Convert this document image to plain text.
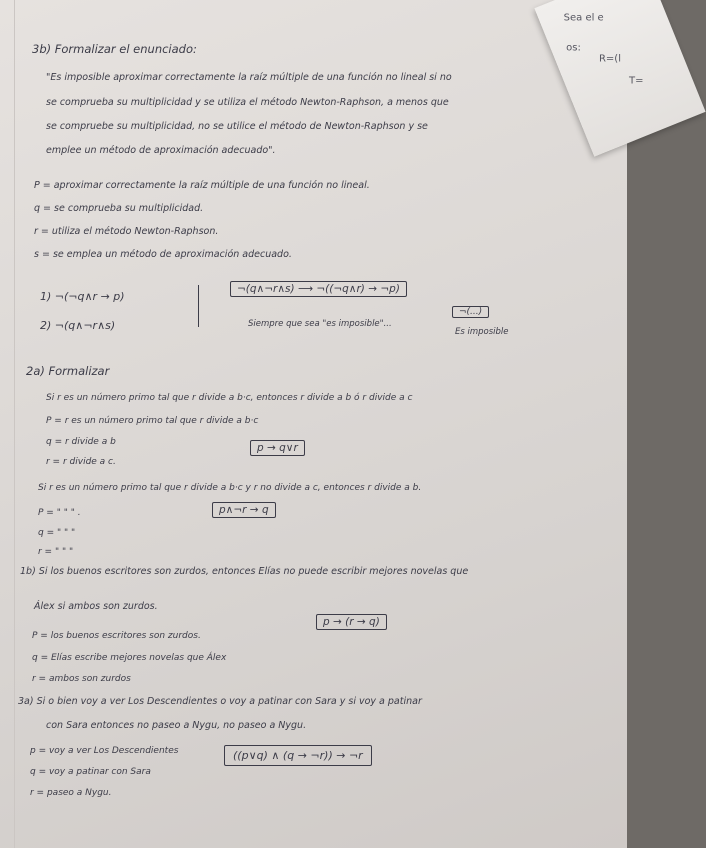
Sea el e
os:
R=(l
T=
3b) Formalizar el enunciado:
"Es imposible aproximar correctamente la raíz múltiple de una función no lineal si no
se comprueba su multiplicidad y se utiliza el método Newton-Raphson, a menos que
se compruebe su multiplicidad, no se utilice el método de Newton-Raphson y se
emplee un método de aproximación adecuado".
P = aproximar correctamente la raíz múltiple de una función no lineal.
q = se comprueba su multiplicidad.
r = utiliza el método Newton-Raphson.
s = se emplea un método de aproximación adecuado.
1) ¬(¬q∧r → p)
2) ¬(q∧¬r∧s)
¬(q∧¬r∧s) ⟶ ¬((¬q∧r) → ¬p)
Siempre que sea "es imposible"...
¬(...)
Es imposible
2a) Formalizar
Si r es un número primo tal que r divide a b·c, entonces r divide a b ó r divide a c
P = r es un número primo tal que r divide a b·c
q = r divide a b
r = r divide a c.
p → q∨r
Si r es un número primo tal que r divide a b·c y r no divide a c, entonces r divide a b.
P = " " " .
q = " " "
r = " " "
p∧¬r → q
1b) Si los buenos escritores son zurdos, entonces Elías no puede escribir mejores novelas que
Álex si ambos son zurdos.
P = los buenos escritores son zurdos.
q = Elías escribe mejores novelas que Álex
r = ambos son zurdos
p → (r → q)
3a) Si o bien voy a ver Los Descendientes o voy a patinar con Sara y si voy a patinar
con Sara entonces no paseo a Nygu, no paseo a Nygu.
p = voy a ver Los Descendientes
q = voy a patinar con Sara
r = paseo a Nygu.
((p∨q) ∧ (q → ¬r)) → ¬r
